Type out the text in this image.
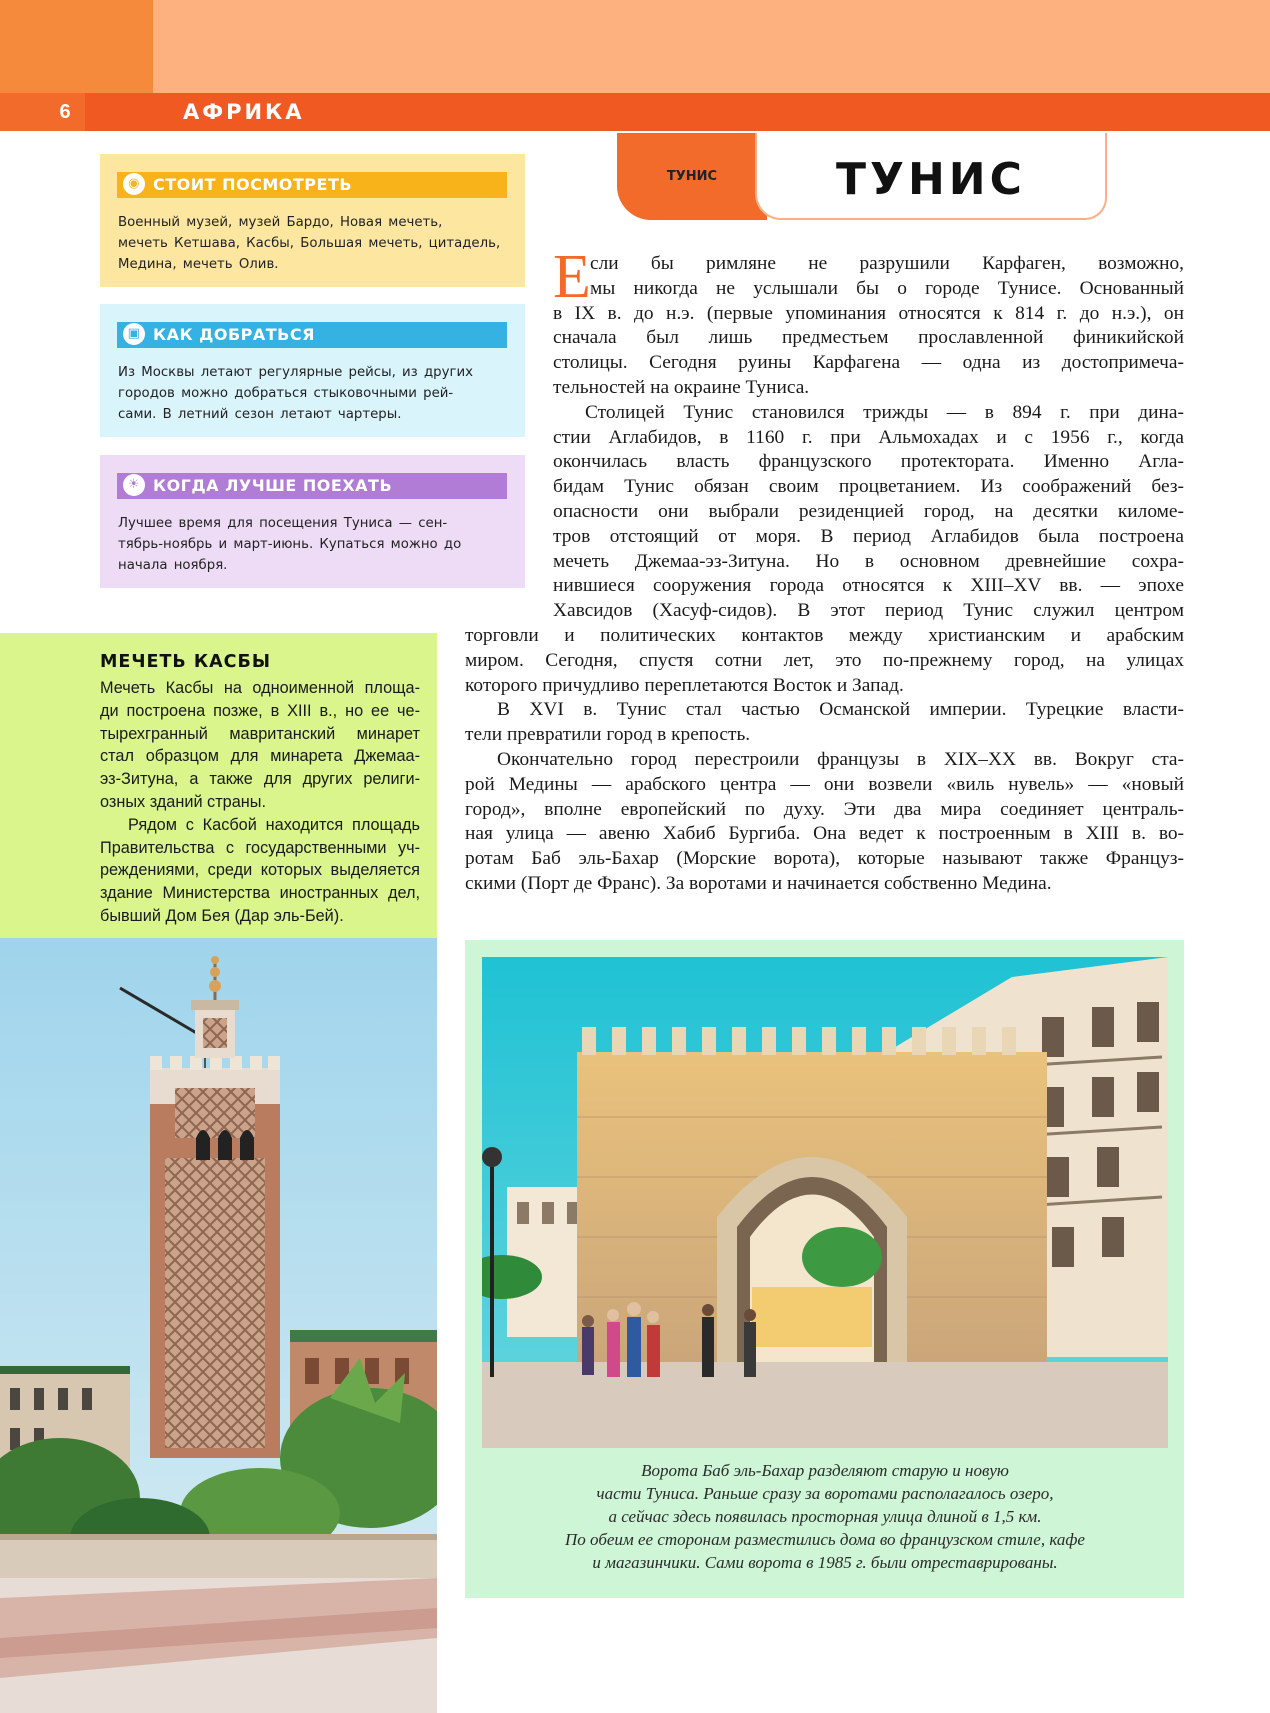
6	АФРИКА
◉ СТОИТ ПОСМОТРЕТЬ
Военный музей, музей Бардо, Новая мечеть,
мечеть Кетшава, Касбы, Большая мечеть, цитадель,
Медина, мечеть Олив.
▣ КАК ДОБРАТЬСЯ
Из Москвы летают регулярные рейсы, из других
городов можно добраться стыковочными рей-
сами. В летний сезон летают чартеры.
☀ КОГДА ЛУЧШЕ ПОЕХАТЬ
Лучшее время для посещения Туниса — сен-
тябрь-ноябрь и март-июнь. Купаться можно до
начала ноября.
ТУНИС	ТУНИС
Е сли бы римляне не разрушили Карфаген, возможно,
мы никогда не услышали бы о городе Тунисе. Основанный
в IX в. до н.э. (первые упоминания относятся к 814 г. до н.э.), он
сначала был лишь предместьем прославленной финикийской
столицы. Сегодня руины Карфагена — одна из достопримеча-
тельностей на окраине Туниса.
Столицей Тунис становился трижды — в 894 г. при дина-
стии Аглабидов, в 1160 г. при Альмохадах и с 1956 г., когда
окончилась власть французского протектората. Именно Агла-
бидам Тунис обязан своим процветанием. Из соображений без-
опасности они выбрали резиденцией город, на десятки киломе-
тров отстоящий от моря. В период Аглабидов была построена
мечеть Джемаа-эз-Зитуна. Но в основном древнейшие сохра-
нившиеся сооружения города относятся к XIII–XV вв. — эпохе
Хавсидов (Хасуф-сидов). В этот период Тунис служил центром
торговли и политических контактов между христианским и арабским
миром. Сегодня, спустя сотни лет, это по-прежнему город, на улицах
которого причудливо переплетаются Восток и Запад.
В XVI в. Тунис стал частью Османской империи. Турецкие власти-
тели превратили город в крепость.
Окончательно город перестроили французы в XIX–XX вв. Вокруг ста-
рой Медины — арабского центра — они возвели «виль нувель» — «новый
город», вполне европейский по духу. Эти два мира соединяет централь-
ная улица — авеню Хабиб Бургиба. Она ведет к построенным в XIII в. во-
ротам Баб эль-Бахар (Морские ворота), которые называют также Француз-
скими (Порт де Франс). За воротами и начинается собственно Медина.
МЕЧЕТЬ КАСБЫ
Мечеть Касбы на одноименной площа-
ди построена позже, в XIII в., но ее че-
тырехгранный мавританский минарет
стал образцом для минарета Джемаа-
эз-Зитуна, а также для других религи-
озных зданий страны.
Рядом с Касбой находится площадь
Правительства с государственными уч-
реждениями, среди которых выделяется
здание Министерства иностранных дел,
бывший Дом Бея (Дар эль-Бей).
Ворота Баб эль-Бахар разделяют старую и новую
части Туниса. Раньше сразу за воротами располагалось озеро,
а сейчас здесь появилась просторная улица длиной в 1,5 км.
По обеим ее сторонам разместились дома во французском стиле, кафе
и магазинчики. Сами ворота в 1985 г. были отреставрированы.
